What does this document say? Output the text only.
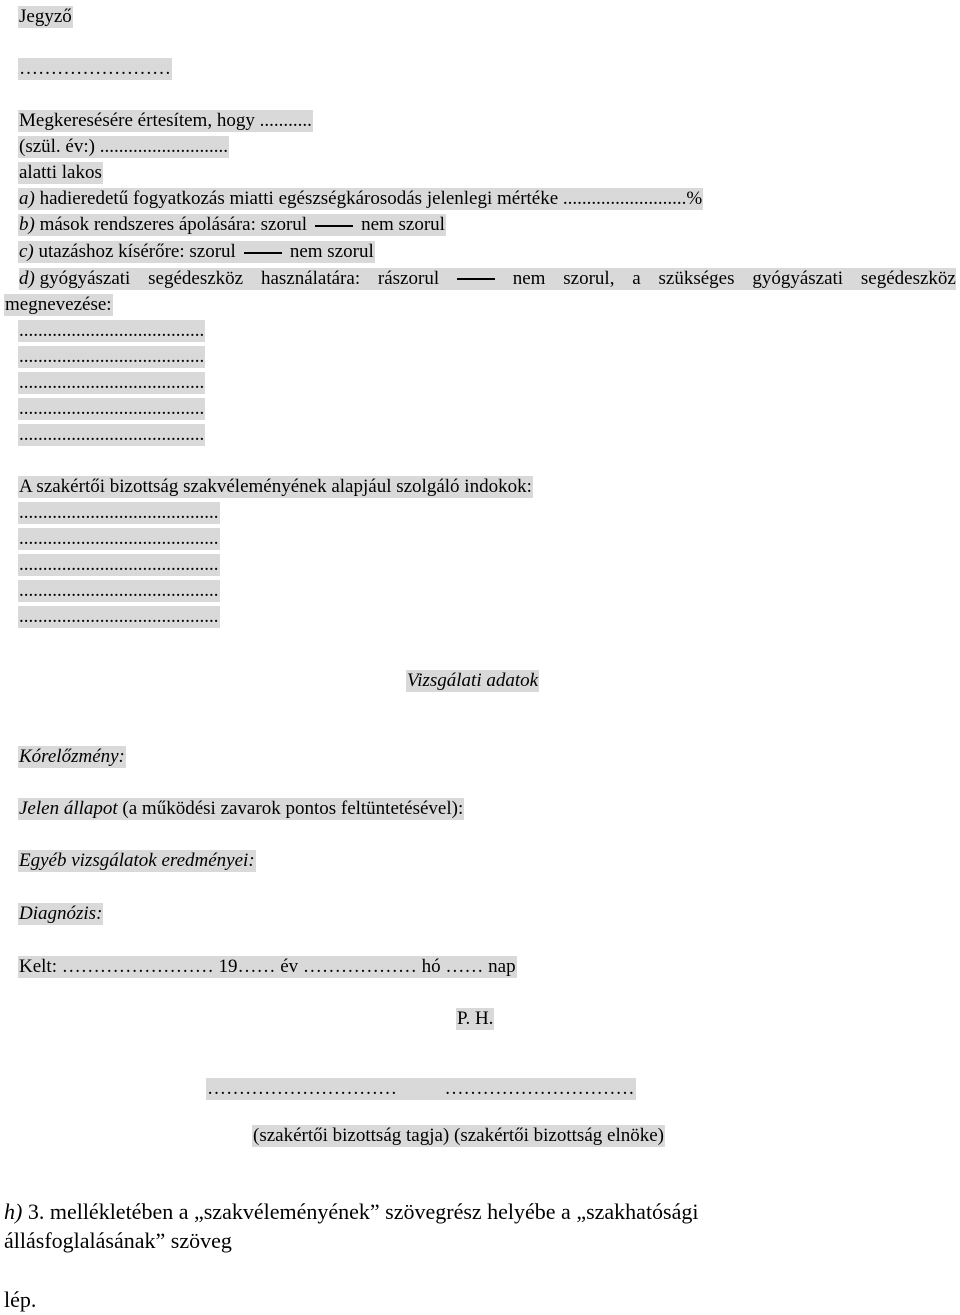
Jegyző
……………………
Megkeresésére értesítem, hogy ...........
(szül. év:) ...........................
alatti lakos
a) hadieredetű fogyatkozás miatti egészségkárosodás jelenlegi mértéke ..........................%
b) mások rendszeres ápolására: szorul	nem szorul
c) utazáshoz kísérőre: szorul	nem szorul
d) gyógyászati segédeszköz használatára: rászorul	nem szorul, a szükséges gyógyászati segédeszköz
megnevezése:
.......................................
.......................................
.......................................
.......................................
.......................................
A szakértői bizottság szakvéleményének alapjául szolgáló indokok:
..........................................
..........................................
..........................................
..........................................
..........................................
Vizsgálati adatok
Kórelőzmény:
Jelen állapot (a működési zavarok pontos feltüntetésével):
Egyéb vizsgálatok eredményei:
Diagnózis:
Kelt: …………………… 19…… év ……………… hó …… nap
P. H.
…………………………          …………………………
(szakértői bizottság tagja) (szakértői bizottság elnöke)
h) 3. mellékletében a „szakvéleményének” szövegrész helyébe a „szakhatósági
állásfoglalásának” szöveg
lép.
